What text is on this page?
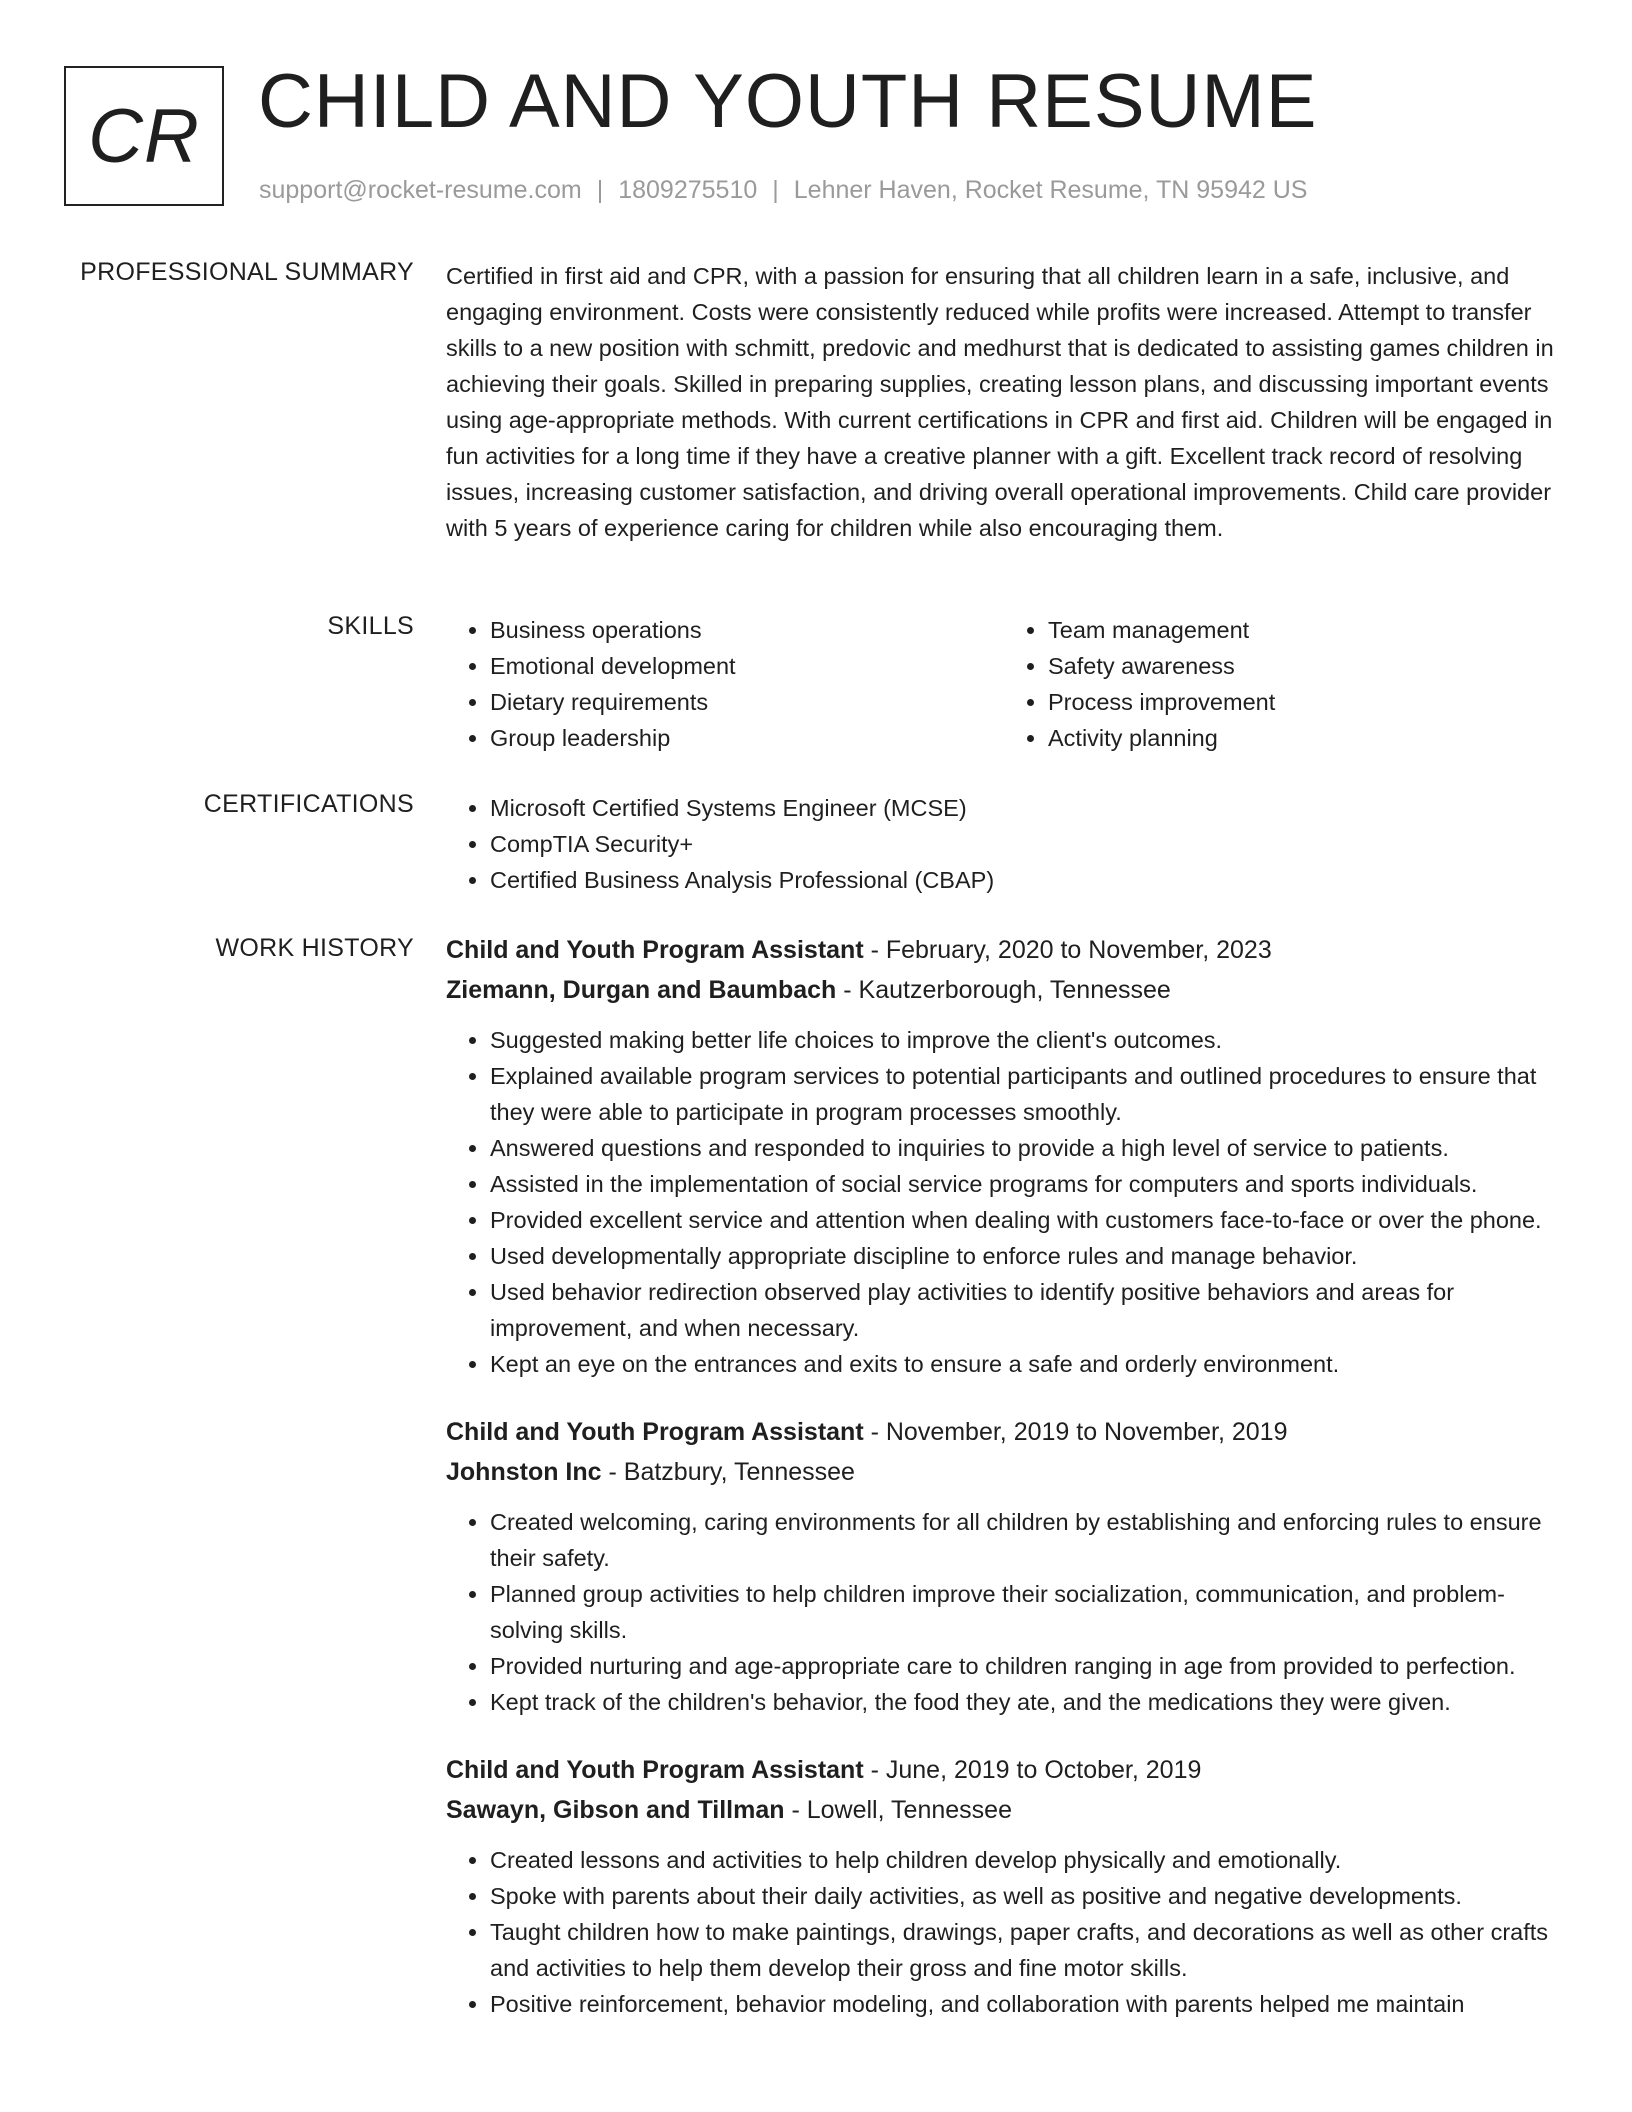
CR CHILD AND YOUTH RESUME
support@rocket-resume.com | 1809275510 | Lehner Haven, Rocket Resume, TN 95942 US
PROFESSIONAL SUMMARY Certified in first aid and CPR, with a passion for ensuring that all children learn in a safe, inclusive, and engaging environment. Costs were consistently reduced while profits were increased. Attempt to transfer skills to a new position with schmitt, predovic and medhurst that is dedicated to assisting games children in achieving their goals. Skilled in preparing supplies, creating lesson plans, and discussing important events using age-appropriate methods. With current certifications in CPR and first aid. Children will be engaged in fun activities for a long time if they have a creative planner with a gift. Excellent track record of resolving issues, increasing customer satisfaction, and driving overall operational improvements. Child care provider with 5 years of experience caring for children while also encouraging them.
SKILLS	• Business operations
• Emotional development
• Dietary requirements
• Group leadership
• Team management
• Safety awareness
• Process improvement
• Activity planning
CERTIFICATIONS	• Microsoft Certified Systems Engineer (MCSE)
• CompTIA Security+
• Certified Business Analysis Professional (CBAP)
WORK HISTORY Child and Youth Program Assistant - February, 2020 to November, 2023
Ziemann, Durgan and Baumbach - Kautzerborough, Tennessee
• Suggested making better life choices to improve the client's outcomes.
• Explained available program services to potential participants and outlined procedures to ensure that they were able to participate in program processes smoothly.
• Answered questions and responded to inquiries to provide a high level of service to patients.
• Assisted in the implementation of social service programs for computers and sports individuals.
• Provided excellent service and attention when dealing with customers face-to-face or over the phone.
• Used developmentally appropriate discipline to enforce rules and manage behavior.
• Used behavior redirection observed play activities to identify positive behaviors and areas for improvement, and when necessary.
• Kept an eye on the entrances and exits to ensure a safe and orderly environment.
Child and Youth Program Assistant - November, 2019 to November, 2019
Johnston Inc - Batzbury, Tennessee
• Created welcoming, caring environments for all children by establishing and enforcing rules to ensure their safety.
• Planned group activities to help children improve their socialization, communication, and problem-solving skills.
• Provided nurturing and age-appropriate care to children ranging in age from provided to perfection.
• Kept track of the children's behavior, the food they ate, and the medications they were given.
Child and Youth Program Assistant - June, 2019 to October, 2019
Sawayn, Gibson and Tillman - Lowell, Tennessee
• Created lessons and activities to help children develop physically and emotionally.
• Spoke with parents about their daily activities, as well as positive and negative developments.
• Taught children how to make paintings, drawings, paper crafts, and decorations as well as other crafts and activities to help them develop their gross and fine motor skills.
• Positive reinforcement, behavior modeling, and collaboration with parents helped me maintain
